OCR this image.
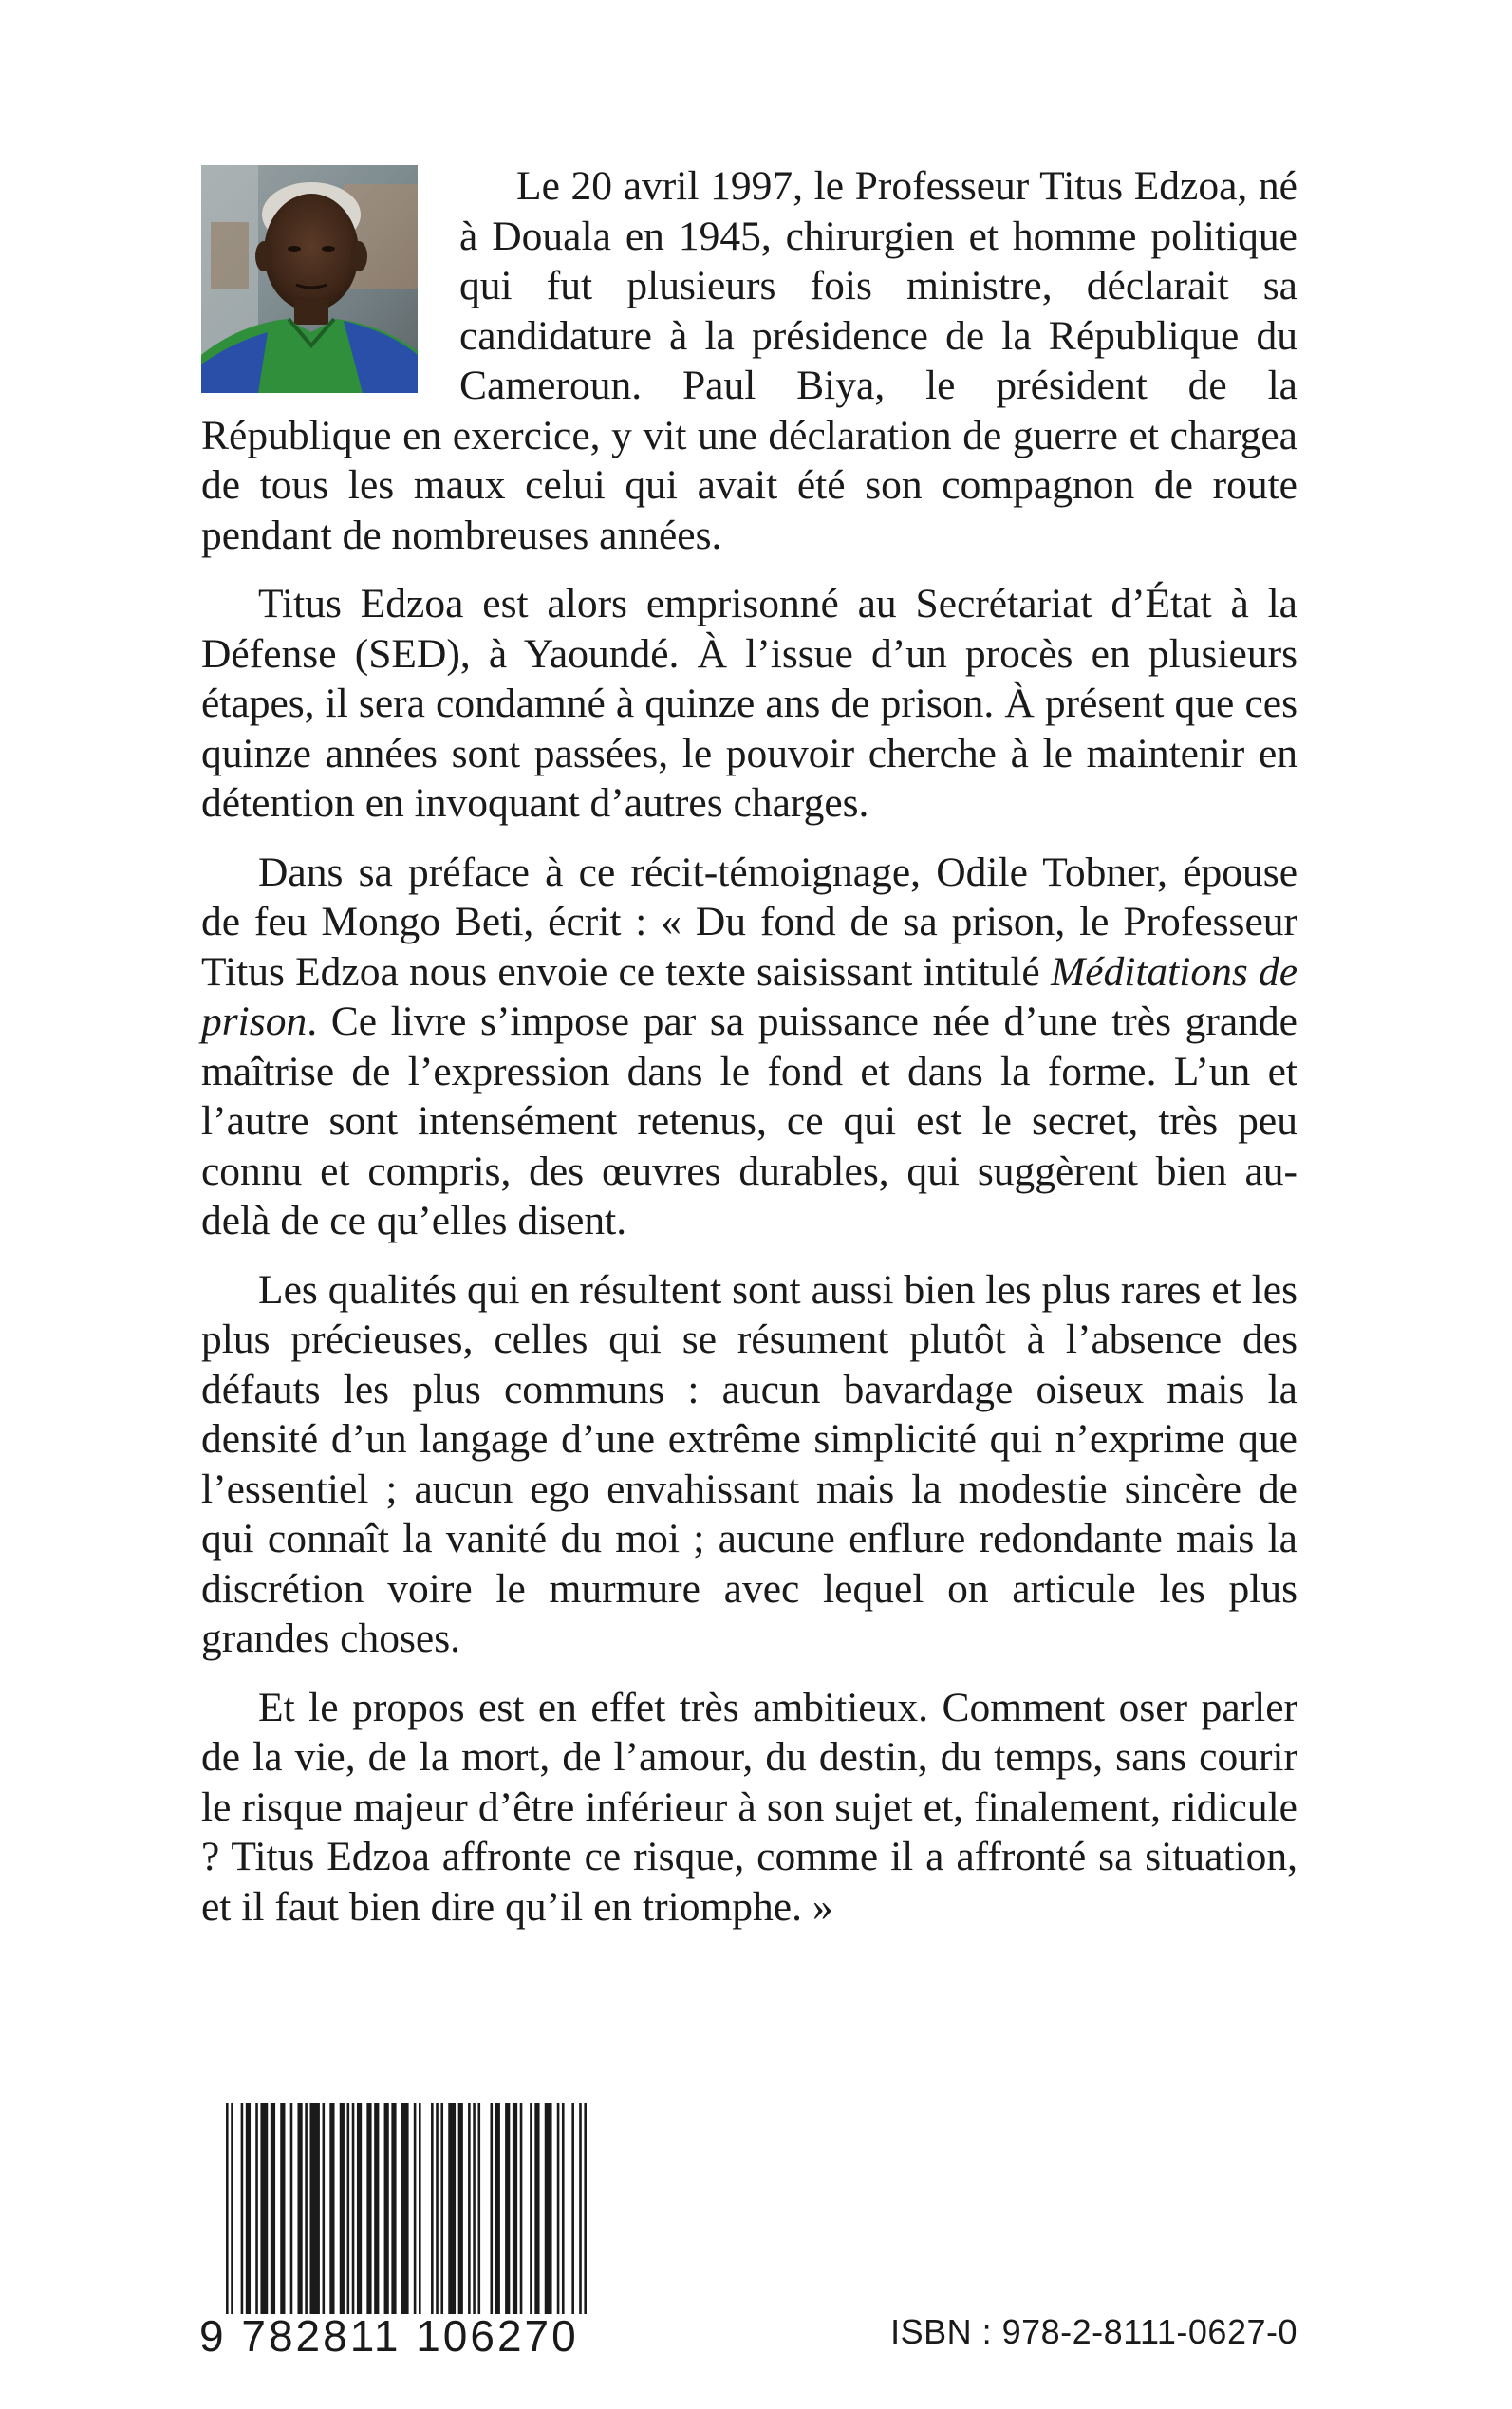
Le 20 avril 1997, le Professeur Titus Edzoa, né à Douala en 1945, chirurgien et homme politique qui fut plusieurs fois ministre, déclarait sa candidature à la présidence de la République du Cameroun. Paul Biya, le président de la République en exercice, y vit une déclaration de guerre et chargea de tous les maux celui qui avait été son compagnon de route pendant de nombreuses années.

Titus Edzoa est alors emprisonné au Secrétariat d’État à la Défense (SED), à Yaoundé. À l’issue d’un procès en plusieurs étapes, il sera condamné à quinze ans de prison. À présent que ces quinze années sont passées, le pouvoir cherche à le maintenir en détention en invoquant d’autres charges.

Dans sa préface à ce récit-témoignage, Odile Tobner, épouse de feu Mongo Beti, écrit : « Du fond de sa prison, le Professeur Titus Edzoa nous envoie ce texte saisissant intitulé Méditations de prison. Ce livre s’impose par sa puissance née d’une très grande maîtrise de l’expression dans le fond et dans la forme. L’un et l’autre sont intensément retenus, ce qui est le secret, très peu connu et compris, des œuvres durables, qui suggèrent bien au-delà de ce qu’elles disent.

Les qualités qui en résultent sont aussi bien les plus rares et les plus précieuses, celles qui se résument plutôt à l’absence des défauts les plus communs : aucun bavardage oiseux mais la densité d’un langage d’une extrême simplicité qui n’exprime que l’essentiel ; aucun ego envahissant mais la modestie sincère de qui connaît la vanité du moi ; aucune enflure redondante mais la discrétion voire le murmure avec lequel on articule les plus grandes choses.

Et le propos est en effet très ambitieux. Comment oser parler de la vie, de la mort, de l’amour, du destin, du temps, sans courir le risque majeur d’être inférieur à son sujet et, finalement, ridicule ? Titus Edzoa affronte ce risque, comme il a affronté sa situation, et il faut bien dire qu’il en triomphe. »

9 782811 106270	ISBN : 978-2-8111-0627-0
